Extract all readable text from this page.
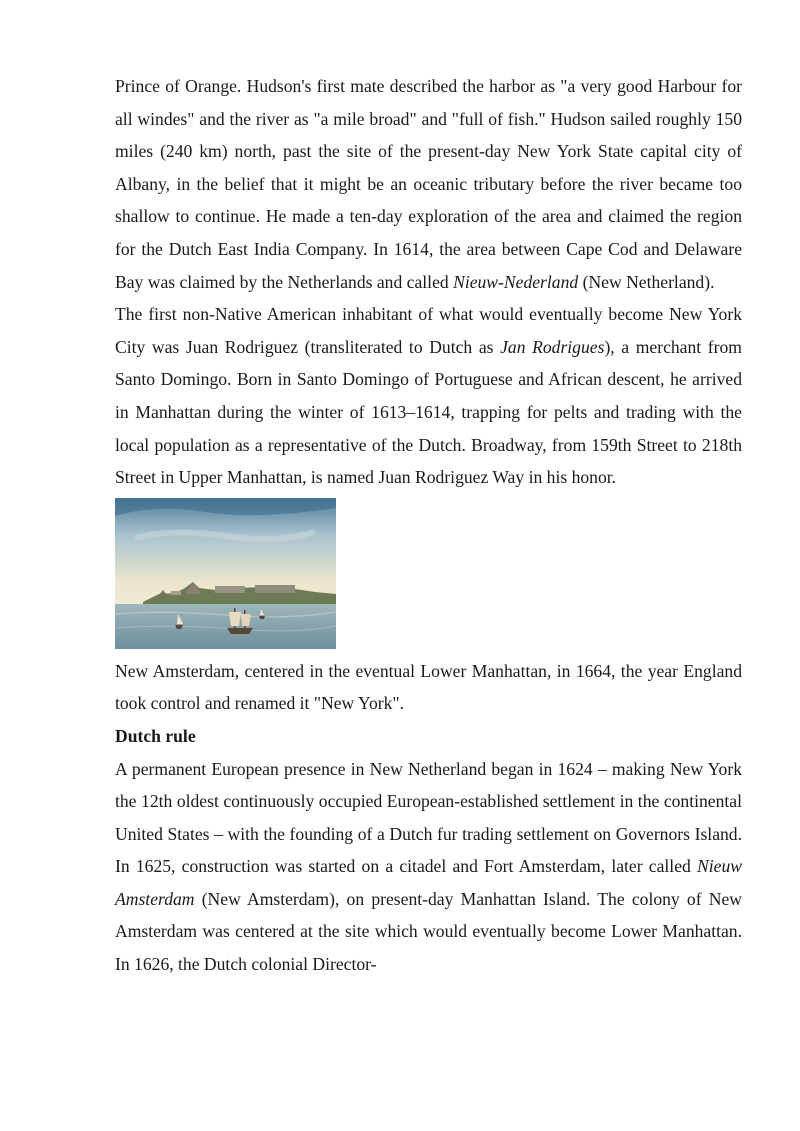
Prince of Orange. Hudson's first mate described the harbor as "a very good Harbour for all windes" and the river as "a mile broad" and "full of fish." Hudson sailed roughly 150 miles (240 km) north, past the site of the present-day New York State capital city of Albany, in the belief that it might be an oceanic tributary before the river became too shallow to continue. He made a ten-day exploration of the area and claimed the region for the Dutch East India Company. In 1614, the area between Cape Cod and Delaware Bay was claimed by the Netherlands and called Nieuw-Nederland (New Netherland).

The first non-Native American inhabitant of what would eventually become New York City was Juan Rodriguez (transliterated to Dutch as Jan Rodrigues), a merchant from Santo Domingo. Born in Santo Domingo of Portuguese and African descent, he arrived in Manhattan during the winter of 1613–1614, trapping for pelts and trading with the local population as a representative of the Dutch. Broadway, from 159th Street to 218th Street in Upper Manhattan, is named Juan Rodriguez Way in his honor.

New Amsterdam, centered in the eventual Lower Manhattan, in 1664, the year England took control and renamed it "New York".

Dutch rule

A permanent European presence in New Netherland began in 1624 – making New York the 12th oldest continuously occupied European-established settlement in the continental United States – with the founding of a Dutch fur trading settlement on Governors Island. In 1625, construction was started on a citadel and Fort Amsterdam, later called Nieuw Amsterdam (New Amsterdam), on present-day Manhattan Island. The colony of New Amsterdam was centered at the site which would eventually become Lower Manhattan. In 1626, the Dutch colonial Director-
